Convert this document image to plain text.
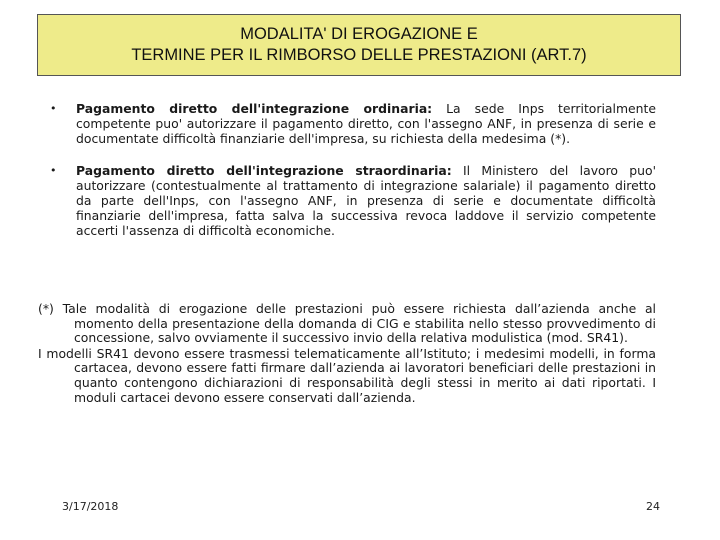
MODALITA' DI EROGAZIONE E
TERMINE PER IL RIMBORSO DELLE PRESTAZIONI (ART.7)
• Pagamento diretto dell'integrazione ordinaria: La sede Inps territorialmente competente puo' autorizzare il pagamento diretto, con l'assegno ANF, in presenza di serie e documentate difficoltà finanziarie dell'impresa, su richiesta della medesima (*).
• Pagamento diretto dell'integrazione straordinaria: Il Ministero del lavoro puo' autorizzare (contestualmente al trattamento di integrazione salariale) il pagamento diretto da parte dell'Inps, con l'assegno ANF, in presenza di serie e documentate difficoltà finanziarie dell'impresa, fatta salva la successiva revoca laddove il servizio competente accerti l'assenza di difficoltà economiche.

(*) Tale modalità di erogazione delle prestazioni può essere richiesta dall’azienda anche al momento della presentazione della domanda di CIG e stabilita nello stesso provvedimento di concessione, salvo ovviamente il successivo invio della relativa modulistica (mod. SR41).

I modelli SR41 devono essere trasmessi telematicamente all’Istituto; i medesimi modelli, in forma cartacea, devono essere fatti firmare dall’azienda ai lavoratori beneficiari delle prestazioni in quanto contengono dichiarazioni di responsabilità degli stessi in merito ai dati riportati. I moduli cartacei devono essere conservati dall’azienda.

3/17/2018	24
